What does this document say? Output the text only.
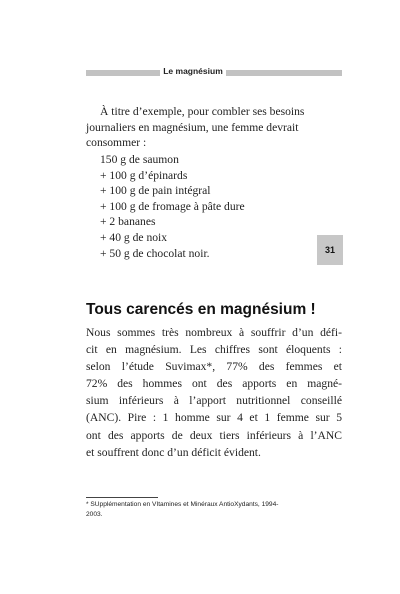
Le magnésium

À titre d’exemple, pour combler ses besoins
journaliers en magnésium, une femme devrait
consommer :

150 g de saumon
+ 100 g d’épinards
+ 100 g de pain intégral
+ 100 g de fromage à pâte dure
+ 2 bananes
+ 40 g de noix
+ 50 g de chocolat noir.	31
Tous carencés en magnésium !

Nous sommes très nombreux à souffrir d’un défi-
cit en magnésium. Les chiffres sont éloquents :
selon l’étude Suvimax*, 77% des femmes et
72% des hommes ont des apports en magné-
sium inférieurs à l’apport nutritionnel conseillé
(ANC). Pire : 1 homme sur 4 et 1 femme sur 5
ont des apports de deux tiers inférieurs à l’ANC
et souffrent donc d’un déficit évident.

* SUpplémentation en VItamines et Minéraux AntioXydants, 1994-
2003.
